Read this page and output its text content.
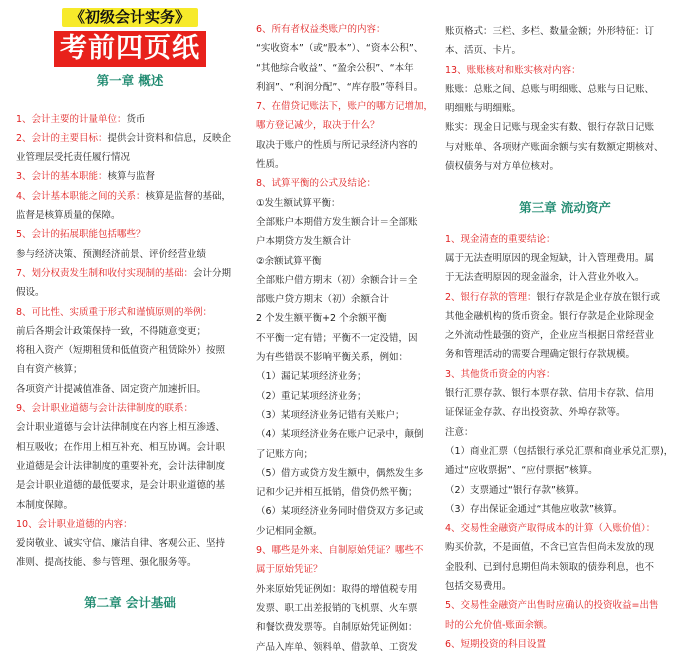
《初级会计实务》
考前四页纸
第一章 概述

1、会计主要的计量单位：货币

2、会计的主要目标：提供会计资料和信息，反映企

业管理层受托责任履行情况

3、会计的基本职能：核算与监督

4、会计基本职能之间的关系：核算是监督的基础，

监督是核算质量的保障。

5、会计的拓展职能包括哪些？

参与经济决策、预测经济前景、评价经营业绩

7、划分权责发生制和收付实现制的基础：会计分期

假设。

8、可比性、实质重于形式和谨慎原则的举例：

前后各期会计政策保持一致，不得随意变更；

将租入资产（短期租赁和低值资产租赁除外）按照

自有资产核算；

各项资产计提减值准备、固定资产加速折旧。

9、会计职业道德与会计法律制度的联系：

会计职业道德与会计法律制度在内容上相互渗透、

相互吸收；在作用上相互补充、相互协调。会计职

业道德是会计法律制度的重要补充，会计法律制度

是会计职业道德的最低要求，是会计职业道德的基

本制度保障。

10、会计职业道德的内容：

爱岗敬业、诚实守信、廉洁自律、客观公正、坚持

准则、提高技能、参与管理、强化服务等。

第二章 会计基础

6、所有者权益类账户的内容：

“实收资本”（或“股本”）、“资本公积”、

“其他综合收益”、“盈余公积”、“本年

利润”、“利润分配”、“库存股”等科目。

7、在借贷记账法下，账户的哪方记增加，

哪方登记减少，取决于什么？

取决于账户的性质与所记录经济内容的

性质。

8、试算平衡的公式及结论：

①发生额试算平衡：

全部账户本期借方发生额合计＝全部账

户本期贷方发生额合计

②余额试算平衡

全部账户借方期末（初）余额合计＝全

部账户贷方期末（初）余额合计

2 个发生额平衡+2 个余额平衡

不平衡一定有错；平衡不一定没错，因

为有些错误不影响平衡关系，例如：

（1）漏记某项经济业务；

（2）重记某项经济业务；

（3）某项经济业务记错有关账户；

（4）某项经济业务在账户记录中，颠倒

了记账方向；

（5）借方或贷方发生额中，偶然发生多

记和少记并相互抵销，借贷仍然平衡；

（6）某项经济业务同时借贷双方多记或

少记相同金额。

9、哪些是外来、自制原始凭证？哪些不

属于原始凭证？

外来原始凭证例如：取得的增值税专用

发票、职工出差报销的飞机票、火车票

和餐饮费发票等。自制原始凭证例如：

产品入库单、领料单、借款单、工资发

账页格式：三栏、多栏、数量金额；外形特征：订

本、活页、卡片。

13、账账核对和账实核对内容：

账账：总账之间、总账与明细账、总账与日记账、

明细账与明细账。

账实：现金日记账与现金实有数、银行存款日记账

与对账单、各项财产账面余额与实有数额定期核对、

债权债务与对方单位核对。

第三章 流动资产

1、现金清查的重要结论：

属于无法查明原因的现金短缺，计入管理费用。属

于无法查明原因的现金溢余，计入营业外收入。

2、银行存款的管理：银行存款是企业存放在银行或

其他金融机构的货币资金。银行存款是企业除现金

之外流动性最强的资产，企业应当根据日常经营业

务和管理活动的需要合理确定银行存款规模。

3、其他货币资金的内容：

银行汇票存款、银行本票存款、信用卡存款、信用

证保证金存款、存出投资款、外埠存款等。

注意：

（1）商业汇票（包括银行承兑汇票和商业承兑汇票)，

通过“应收票据”、“应付票据”核算。

（2）支票通过“银行存款”核算。

（3）存出保证金通过“其他应收款”核算。

4、交易性金融资产取得成本的计算（入账价值）：

购买价款，不是面值，不含已宣告但尚未发放的现

金股利、已到付息期但尚未领取的债券利息，也不

包括交易费用。

5、交易性金融资产出售时应确认的投资收益=出售

时的公允价值-账面余额。

6、短期投资的科目设置
